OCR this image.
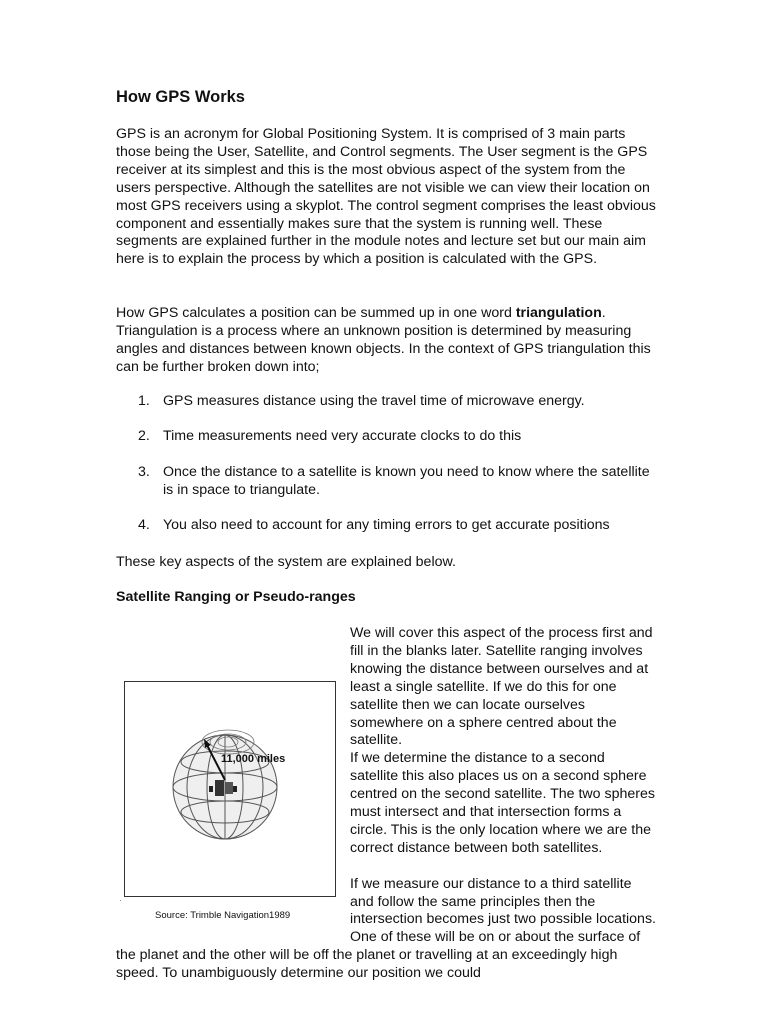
How GPS Works

GPS is an acronym for Global Positioning System. It is comprised of 3 main parts those being the User, Satellite, and Control segments. The User segment is the GPS receiver at its simplest and this is the most obvious aspect of the system from the users perspective. Although the satellites are not visible we can view their location on most GPS receivers using a skyplot. The control segment comprises the least obvious component and essentially makes sure that the system is running well. These segments are explained further in the module notes and lecture set but our main aim here is to explain the process by which a position is calculated with the GPS.

How GPS calculates a position can be summed up in one word triangulation. Triangulation is a process where an unknown position is determined by measuring angles and distances between known objects. In the context of GPS triangulation this can be further broken down into;

1. GPS measures distance using the travel time of microwave energy.
2. Time measurements need very accurate clocks to do this
3. Once the distance to a satellite is known you need to know where the satellite is in space to triangulate.
4. You also need to account for any timing errors to get accurate positions

These key aspects of the system are explained below.

Satellite Ranging or Pseudo-ranges

We will cover this aspect of the process first and fill in the blanks later. Satellite ranging involves knowing the distance between ourselves and at least a single satellite. If we do this for one satellite then we can locate ourselves somewhere on a sphere centred about the satellite.

If we determine the distance to a second satellite this also places us on a second sphere centred on the second satellite. The two spheres must intersect and that intersection forms a circle. This is the only location where we are the correct distance between both satellites.

If we measure our distance to a third satellite and follow the same principles then the intersection becomes just two possible locations. One of these will be on or about the surface of the planet and the other will be off the planet or travelling at an exceedingly high speed. To unambiguously determine our position we could

11,000 miles
·
Source: Trimble Navigation1989
